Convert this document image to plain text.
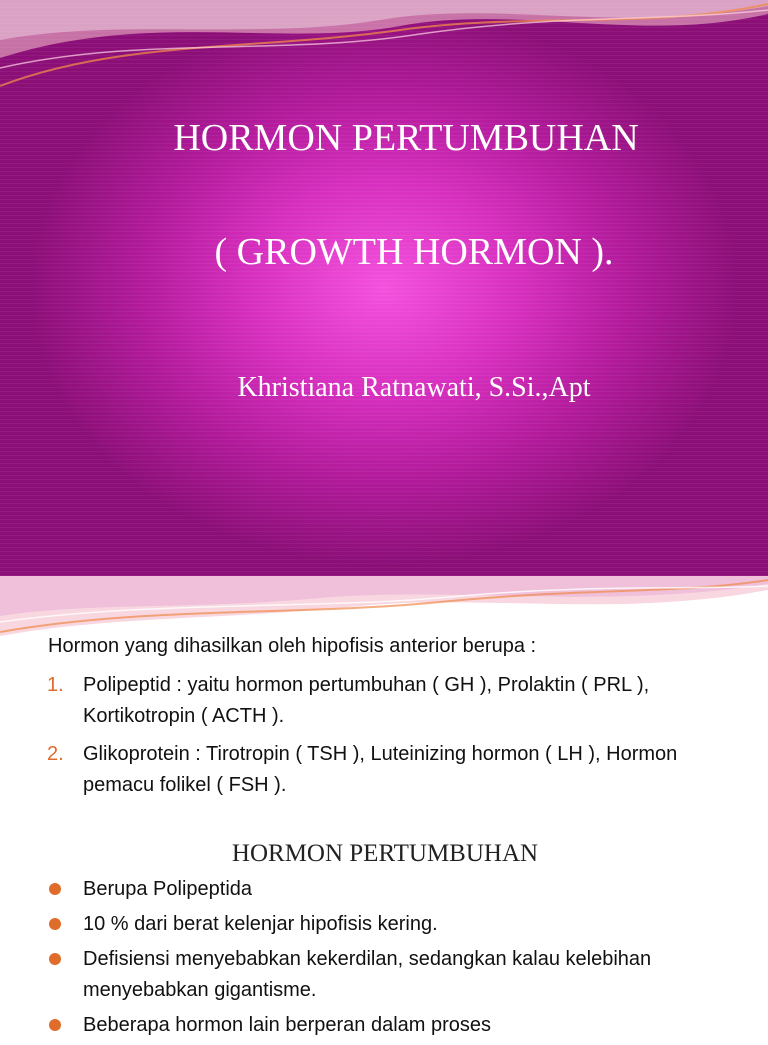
HORMON PERTUMBUHAN
( GROWTH HORMON ).
Khristiana Ratnawati, S.Si.,Apt
Hormon yang dihasilkan oleh hipofisis anterior berupa :
1. Polipeptid : yaitu hormon pertumbuhan ( GH ), Prolaktin ( PRL ), Kortikotropin ( ACTH ).
2. Glikoprotein : Tirotropin ( TSH ), Luteinizing hormon ( LH ), Hormon pemacu folikel ( FSH ).
HORMON PERTUMBUHAN
Berupa Polipeptida
10 % dari berat kelenjar hipofisis kering.
Defisiensi menyebabkan kekerdilan, sedangkan kalau kelebihan menyebabkan gigantisme.
Beberapa hormon lain berperan dalam proses
